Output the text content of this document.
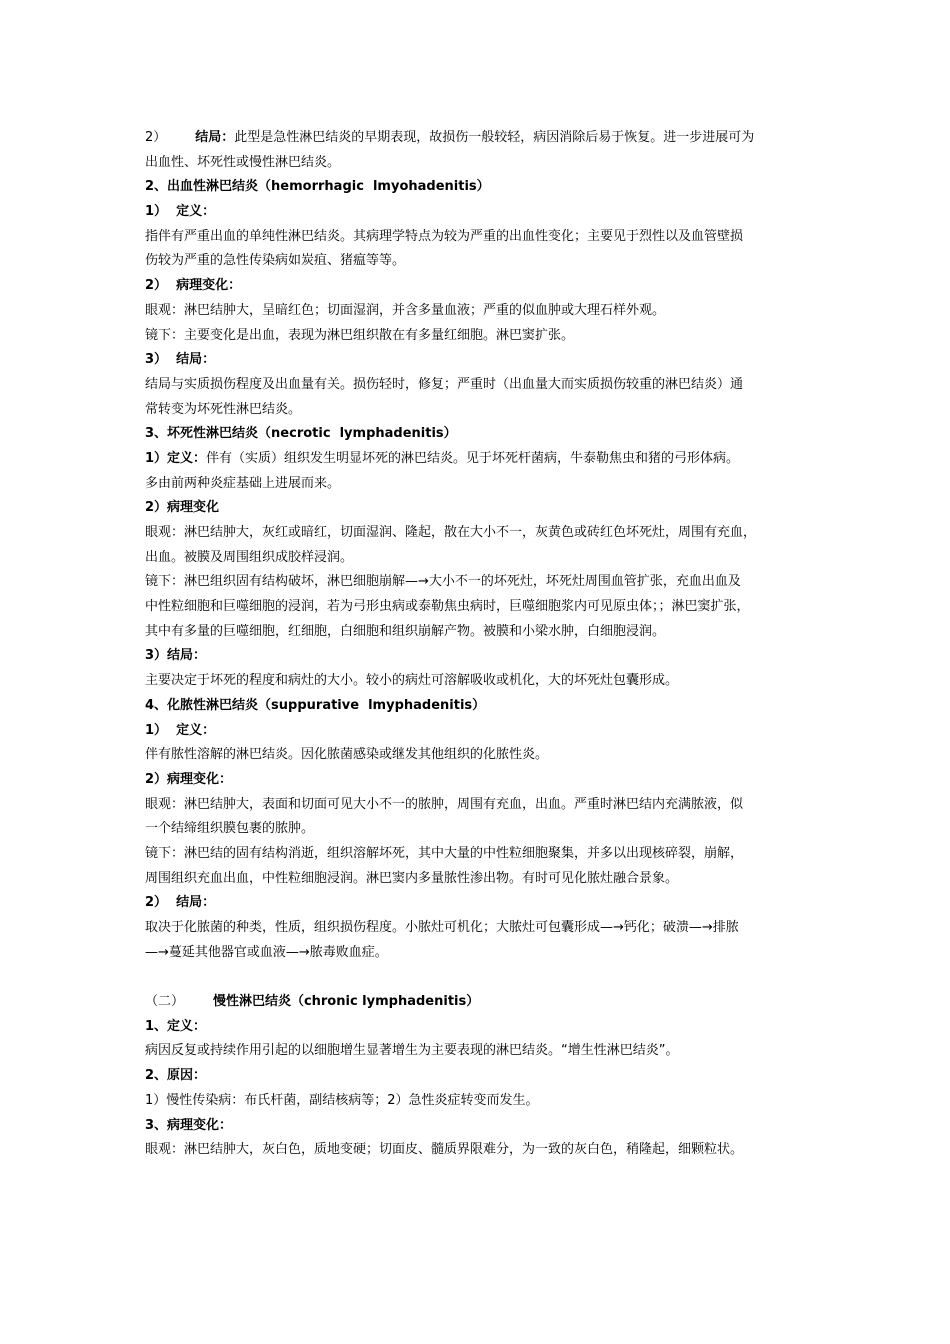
2）       结局：此型是急性淋巴结炎的早期表现，故损伤一般较轻，病因消除后易于恢复。进一步进展可为
出血性、坏死性或慢性淋巴结炎。
2、出血性淋巴结炎（hemorrhagic  lmyohadenitis）
1）  定义：
指伴有严重出血的单纯性淋巴结炎。其病理学特点为较为严重的出血性变化；主要见于烈性以及血管壁损
伤较为严重的急性传染病如炭疽、猪瘟等等。
2）  病理变化：
眼观：淋巴结肿大，呈暗红色；切面湿润，并含多量血液；严重的似血肿或大理石样外观。
镜下：主要变化是出血，表现为淋巴组织散在有多量红细胞。淋巴窦扩张。
3）  结局：
结局与实质损伤程度及出血量有关。损伤轻时，修复；严重时（出血量大而实质损伤较重的淋巴结炎）通
常转变为坏死性淋巴结炎。
3、坏死性淋巴结炎（necrotic  lymphadenitis）
1）定义：伴有（实质）组织发生明显坏死的淋巴结炎。见于坏死杆菌病，牛泰勒焦虫和猪的弓形体病。
多由前两种炎症基础上进展而来。
2）病理变化
眼观：淋巴结肿大，灰红或暗红，切面湿润、隆起，散在大小不一，灰黄色或砖红色坏死灶，周围有充血，
出血。被膜及周围组织成胶样浸润。
镜下：淋巴组织固有结构破坏，淋巴细胞崩解—→大小不一的坏死灶，坏死灶周围血管扩张，充血出血及
中性粒细胞和巨噬细胞的浸润，若为弓形虫病或泰勒焦虫病时，巨噬细胞浆内可见原虫体；；淋巴窦扩张，
其中有多量的巨噬细胞，红细胞，白细胞和组织崩解产物。被膜和小梁水肿，白细胞浸润。
3）结局：
主要决定于坏死的程度和病灶的大小。较小的病灶可溶解吸收或机化，大的坏死灶包囊形成。
4、化脓性淋巴结炎（suppurative  lmyphadenitis）
1）  定义：
伴有脓性溶解的淋巴结炎。因化脓菌感染或继发其他组织的化脓性炎。
2）病理变化：
眼观：淋巴结肿大，表面和切面可见大小不一的脓肿，周围有充血，出血。严重时淋巴结内充满脓液，似
一个结缔组织膜包裹的脓肿。
镜下：淋巴结的固有结构消逝，组织溶解坏死，其中大量的中性粒细胞聚集，并多以出现核碎裂，崩解，
周围组织充血出血，中性粒细胞浸润。淋巴窦内多量脓性渗出物。有时可见化脓灶融合景象。
2）  结局：
取决于化脓菌的种类，性质，组织损伤程度。小脓灶可机化；大脓灶可包囊形成—→钙化；破溃—→排脓
—→蔓延其他器官或血液—→脓毒败血症。
（二）       慢性淋巴结炎（chronic lymphadenitis）
1、定义：
病因反复或持续作用引起的以细胞增生显著增生为主要表现的淋巴结炎。“增生性淋巴结炎”。
2、原因：
1）慢性传染病：布氏杆菌，副结核病等；2）急性炎症转变而发生。
3、病理变化：
眼观：淋巴结肿大，灰白色，质地变硬；切面皮、髓质界限难分，为一致的灰白色，稍隆起，细颗粒状。
